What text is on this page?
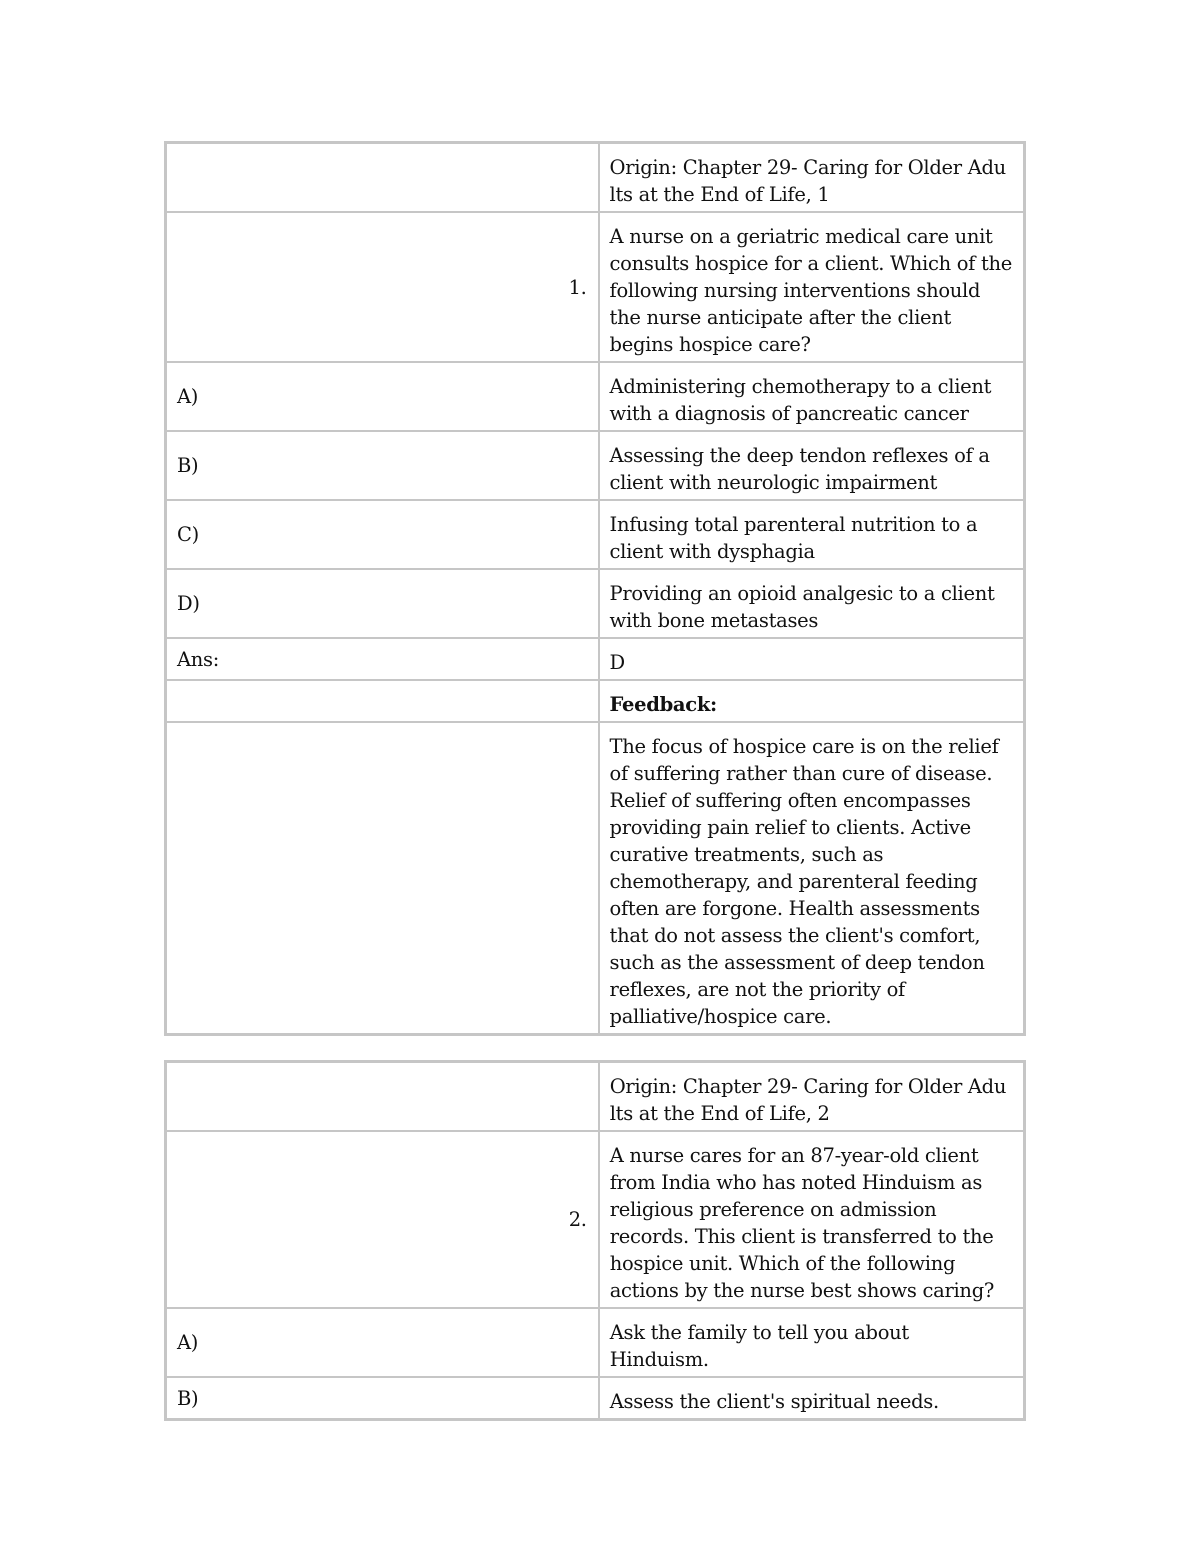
	Origin: Chapter 29- Caring for Older Adu lts at the End of Life, 1
1.	A nurse on a geriatric medical care unit consults hospice for a client. Which of the following nursing interventions should the nurse anticipate after the client begins hospice care?
A)	Administering chemotherapy to a client with a diagnosis of pancreatic cancer
B)	Assessing the deep tendon reflexes of a client with neurologic impairment
C)	Infusing total parenteral nutrition to a client with dysphagia
D)	Providing an opioid analgesic to a client with bone metastases
Ans:	D
	Feedback:
	The focus of hospice care is on the relief of suffering rather than cure of disease. Relief of suffering often encompasses providing pain relief to clients. Active curative treatments, such as chemotherapy, and parenteral feeding often are forgone. Health assessments that do not assess the client's comfort, such as the assessment of deep tendon reflexes, are not the priority of palliative/hospice care.
	Origin: Chapter 29- Caring for Older Adu lts at the End of Life, 2
2.	A nurse cares for an 87-year-old client from India who has noted Hinduism as religious preference on admission records. This client is transferred to the hospice unit. Which of the following actions by the nurse best shows caring?
A)	Ask the family to tell you about Hinduism.
B)	Assess the client's spiritual needs.
